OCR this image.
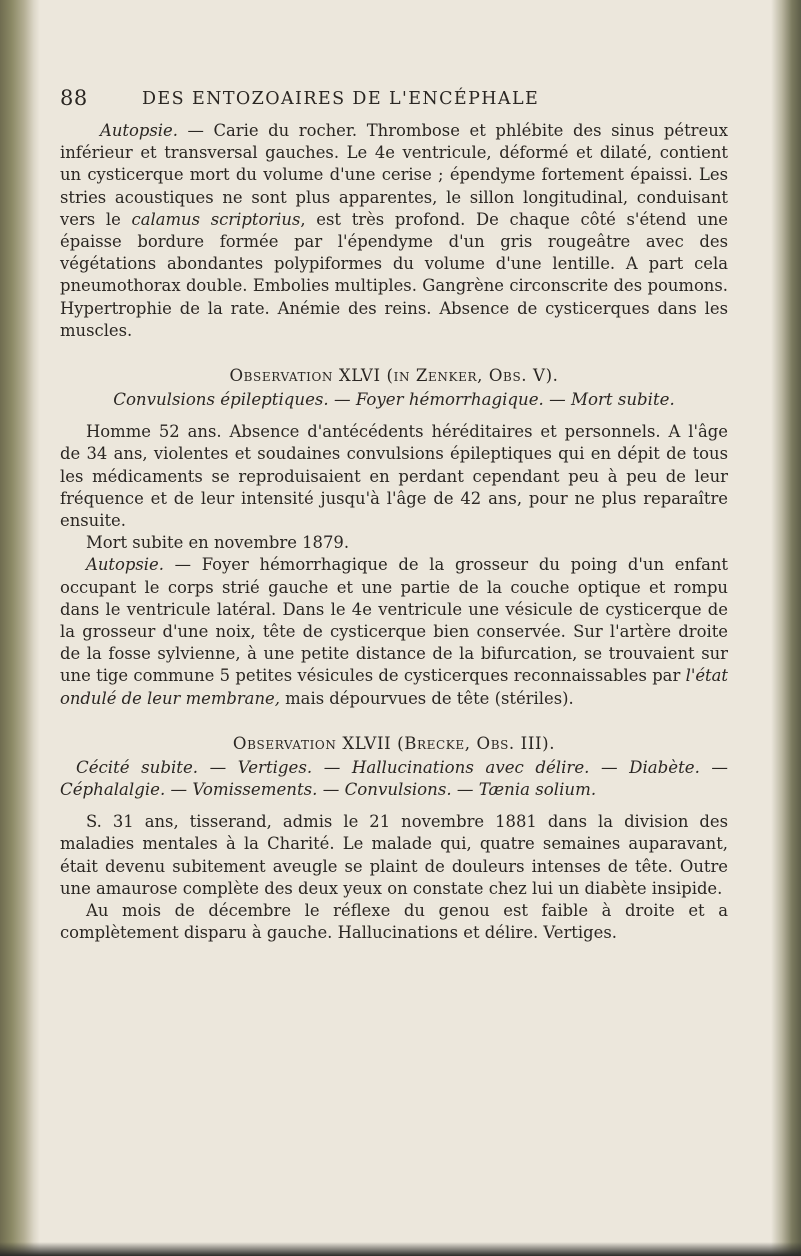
88	DES ENTOZOAIRES DE L'ENCÉPHALE

Autopsie. — Carie du rocher. Thrombose et phlébite des sinus pétreux inférieur et transversal gauches. Le 4e ventricule, déformé et dilaté, contient un cysticerque mort du volume d'une cerise ; épendyme fortement épaissi. Les stries acoustiques ne sont plus apparentes, le sillon longitudinal, conduisant vers le calamus scriptorius, est très profond. De chaque côté s'étend une épaisse bordure formée par l'épendyme d'un gris rougeâtre avec des végétations abondantes polypiformes du volume d'une lentille. A part cela pneumothorax double. Embolies multiples. Gangrène circonscrite des poumons. Hypertrophie de la rate. Anémie des reins. Absence de cysticerques dans les muscles.

Observation XLVI (in Zenker, Obs. V).
Convulsions épileptiques. — Foyer hémorrhagique. — Mort subite.

Homme 52 ans. Absence d'antécédents héréditaires et personnels. A l'âge de 34 ans, violentes et soudaines convulsions épileptiques qui en dépit de tous les médicaments se reproduisaient en perdant cependant peu à peu de leur fréquence et de leur intensité jusqu'à l'âge de 42 ans, pour ne plus reparaître ensuite.

Mort subite en novembre 1879.

Autopsie. — Foyer hémorrhagique de la grosseur du poing d'un enfant occupant le corps strié gauche et une partie de la couche optique et rompu dans le ventricule latéral. Dans le 4e ventricule une vésicule de cysticerque de la grosseur d'une noix, tête de cysticerque bien conservée. Sur l'artère droite de la fosse sylvienne, à une petite distance de la bifurcation, se trouvaient sur une tige commune 5 petites vésicules de cysticerques reconnaissables par l'état ondulé de leur membrane, mais dépourvues de tête (stériles).

Observation XLVII (Brecke, Obs. III).
Cécité subite. — Vertiges. — Hallucinations avec délire. — Diabète. — Céphalalgie. — Vomissements. — Convulsions. — Tænia solium.

S. 31 ans, tisserand, admis le 21 novembre 1881 dans la division des maladies mentales à la Charité. Le malade qui, quatre semaines auparavant, était devenu subitement aveugle se plaint de douleurs intenses de tête. Outre une amaurose complète des deux yeux on constate chez lui un diabète insipide.

Au mois de décembre le réflexe du genou est faible à droite et a complètement disparu à gauche. Hallucinations et délire. Vertiges.
